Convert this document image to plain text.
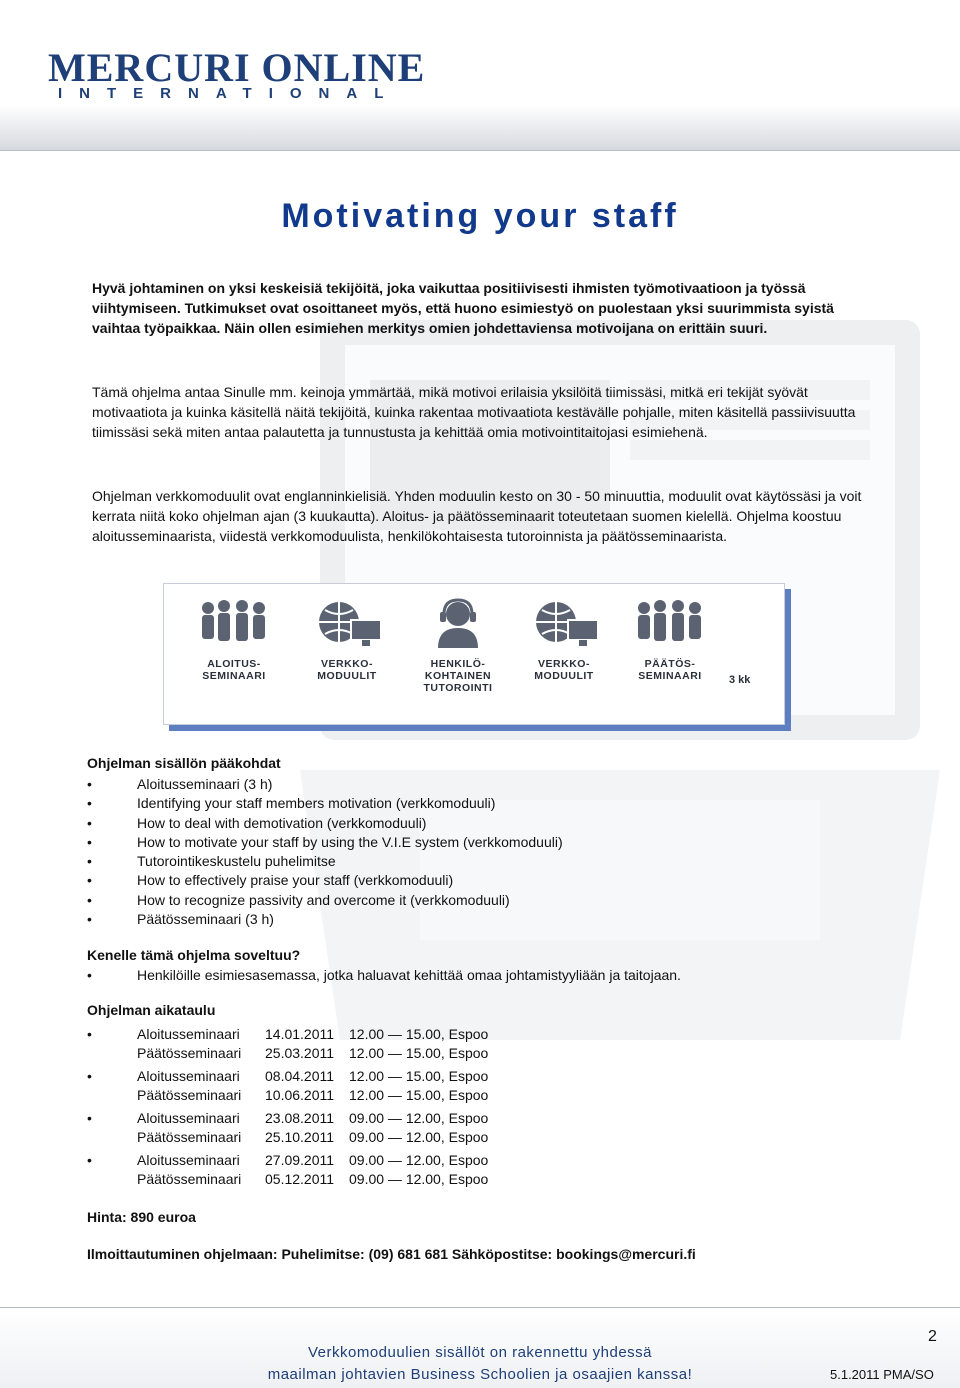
MERCURI ONLINE
INTERNATIONAL
Motivating your staff
Hyvä johtaminen on yksi keskeisiä tekijöitä, joka vaikuttaa positiivisesti ihmisten työmotivaatioon ja työssä viihtymiseen. Tutkimukset ovat osoittaneet myös, että huono esimiestyö on puolestaan yksi suurimmista syistä vaihtaa työpaikkaa. Näin ollen esimiehen merkitys omien johdettaviensa motivoijana on erittäin suuri.
Tämä ohjelma antaa Sinulle mm. keinoja ymmärtää, mikä motivoi erilaisia yksilöitä tiimissäsi, mitkä eri tekijät syövät motivaatiota ja kuinka käsitellä näitä tekijöitä, kuinka rakentaa motivaatiota kestävälle pohjalle, miten käsitellä passiivisuutta tiimissäsi sekä miten antaa palautetta ja tunnustusta ja kehittää omia motivointitaitojasi esimiehenä.
Ohjelman verkkomoduulit ovat englanninkielisiä. Yhden moduulin kesto on 30 - 50 minuuttia, moduulit ovat käytössäsi ja voit kerrata niitä koko ohjelman ajan (3 kuukautta). Aloitus- ja päätösseminaarit toteutetaan suomen kielellä. Ohjelma koostuu aloitusseminaarista, viidestä verkkomoduulista, henkilökohtaisesta tutoroinnista ja päätösseminaarista.
ALOITUS-
SEMINAARI
VERKKO-
MODUULIT
HENKILÖ-
KOHTAINEN
TUTOROINTI
VERKKO-
MODUULIT
PÄÄTÖS-
SEMINAARI	3 kk
Ohjelman sisällön pääkohdat
•	Aloitusseminaari (3 h)
•	Identifying your staff members motivation (verkkomoduuli)
•	How to deal with demotivation (verkkomoduuli)
•	How to motivate your staff by using the V.I.E system (verkkomoduuli)
•	Tutorointikeskustelu puhelimitse
•	How to effectively praise your staff (verkkomoduuli)
•	How to recognize passivity and overcome it (verkkomoduuli)
•	Päätösseminaari (3 h)
Kenelle tämä ohjelma soveltuu?
•	Henkilöille esimiesasemassa, jotka haluavat kehittää omaa johtamistyyliään ja taitojaan.
Ohjelman aikataulu
•	Aloitusseminaari 14.01.2011 12.00 — 15.00, Espoo
Päätösseminaari 25.03.2011 12.00 — 15.00, Espoo
•	Aloitusseminaari 08.04.2011 12.00 — 15.00, Espoo
Päätösseminaari 10.06.2011 12.00 — 15.00, Espoo
•	Aloitusseminaari 23.08.2011 09.00 — 12.00, Espoo
Päätösseminaari 25.10.2011 09.00 — 12.00, Espoo
•	Aloitusseminaari 27.09.2011 09.00 — 12.00, Espoo
Päätösseminaari 05.12.2011 09.00 — 12.00, Espoo
Hinta: 890 euroa
Ilmoittautuminen ohjelmaan: Puhelimitse: (09) 681 681 Sähköpostitse: bookings@mercuri.fi
Verkkomoduulien sisällöt on rakennettu yhdessä
maailman johtavien Business Schoolien ja osaajien kanssa!
2
5.1.2011 PMA/SO
